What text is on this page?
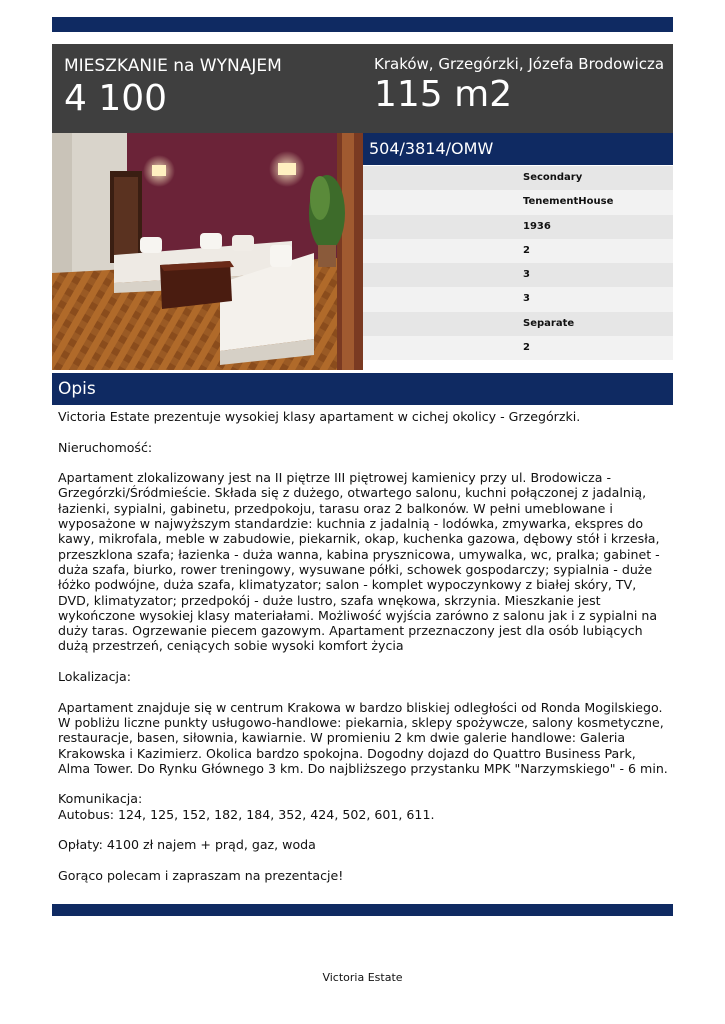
MIESZKANIE na WYNAJEM
4 100
Kraków, Grzegórzki, Józefa Brodowicza
115 m2
504/3814/OMW
Secondary
TenementHouse
1936
2
3
3
Separate
2
Opis

Victoria Estate prezentuje wysokiej klasy apartament w cichej okolicy - Grzegórzki.

Nieruchomość:

Apartament zlokalizowany jest na II piętrze III piętrowej kamienicy przy ul. Brodowicza - Grzegórzki/Śródmieście. Składa się z dużego, otwartego salonu, kuchni połączonej z jadalnią, łazienki, sypialni, gabinetu, przedpokoju, tarasu oraz 2 balkonów. W pełni umeblowane i wyposażone w najwyższym standardzie: kuchnia z jadalnią - lodówka, zmywarka, ekspres do kawy, mikrofala, meble w zabudowie, piekarnik, okap, kuchenka gazowa, dębowy stół i krzesła, przeszklona szafa; łazienka - duża wanna, kabina prysznicowa, umywalka, wc, pralka; gabinet - duża szafa, biurko, rower treningowy, wysuwane półki, schowek gospodarczy; sypialnia - duże łóżko podwójne, duża szafa, klimatyzator; salon - komplet wypoczynkowy z białej skóry, TV, DVD, klimatyzator; przedpokój - duże lustro, szafa wnękowa, skrzynia. Mieszkanie jest wykończone wysokiej klasy materiałami. Możliwość wyjścia zarówno z salonu jak i z sypialni na duży taras. Ogrzewanie piecem gazowym. Apartament przeznaczony jest dla osób lubiących dużą przestrzeń, ceniących sobie wysoki komfort życia

Lokalizacja:

Apartament znajduje się w centrum Krakowa w bardzo bliskiej odległości od Ronda Mogilskiego. W pobliżu liczne punkty usługowo-handlowe: piekarnia, sklepy spożywcze, salony kosmetyczne, restauracje, basen, siłownia, kawiarnie. W promieniu 2 km dwie galerie handlowe: Galeria Krakowska i Kazimierz. Okolica bardzo spokojna. Dogodny dojazd do Quattro Business Park, Alma Tower. Do Rynku Głównego 3 km. Do najbliższego przystanku MPK "Narzymskiego" - 6 min.

Komunikacja:

Autobus: 124, 125, 152, 182, 184, 352, 424, 502, 601, 611.

Opłaty: 4100 zł najem + prąd, gaz, woda

Gorąco polecam i zapraszam na prezentacje!

Victoria Estate
